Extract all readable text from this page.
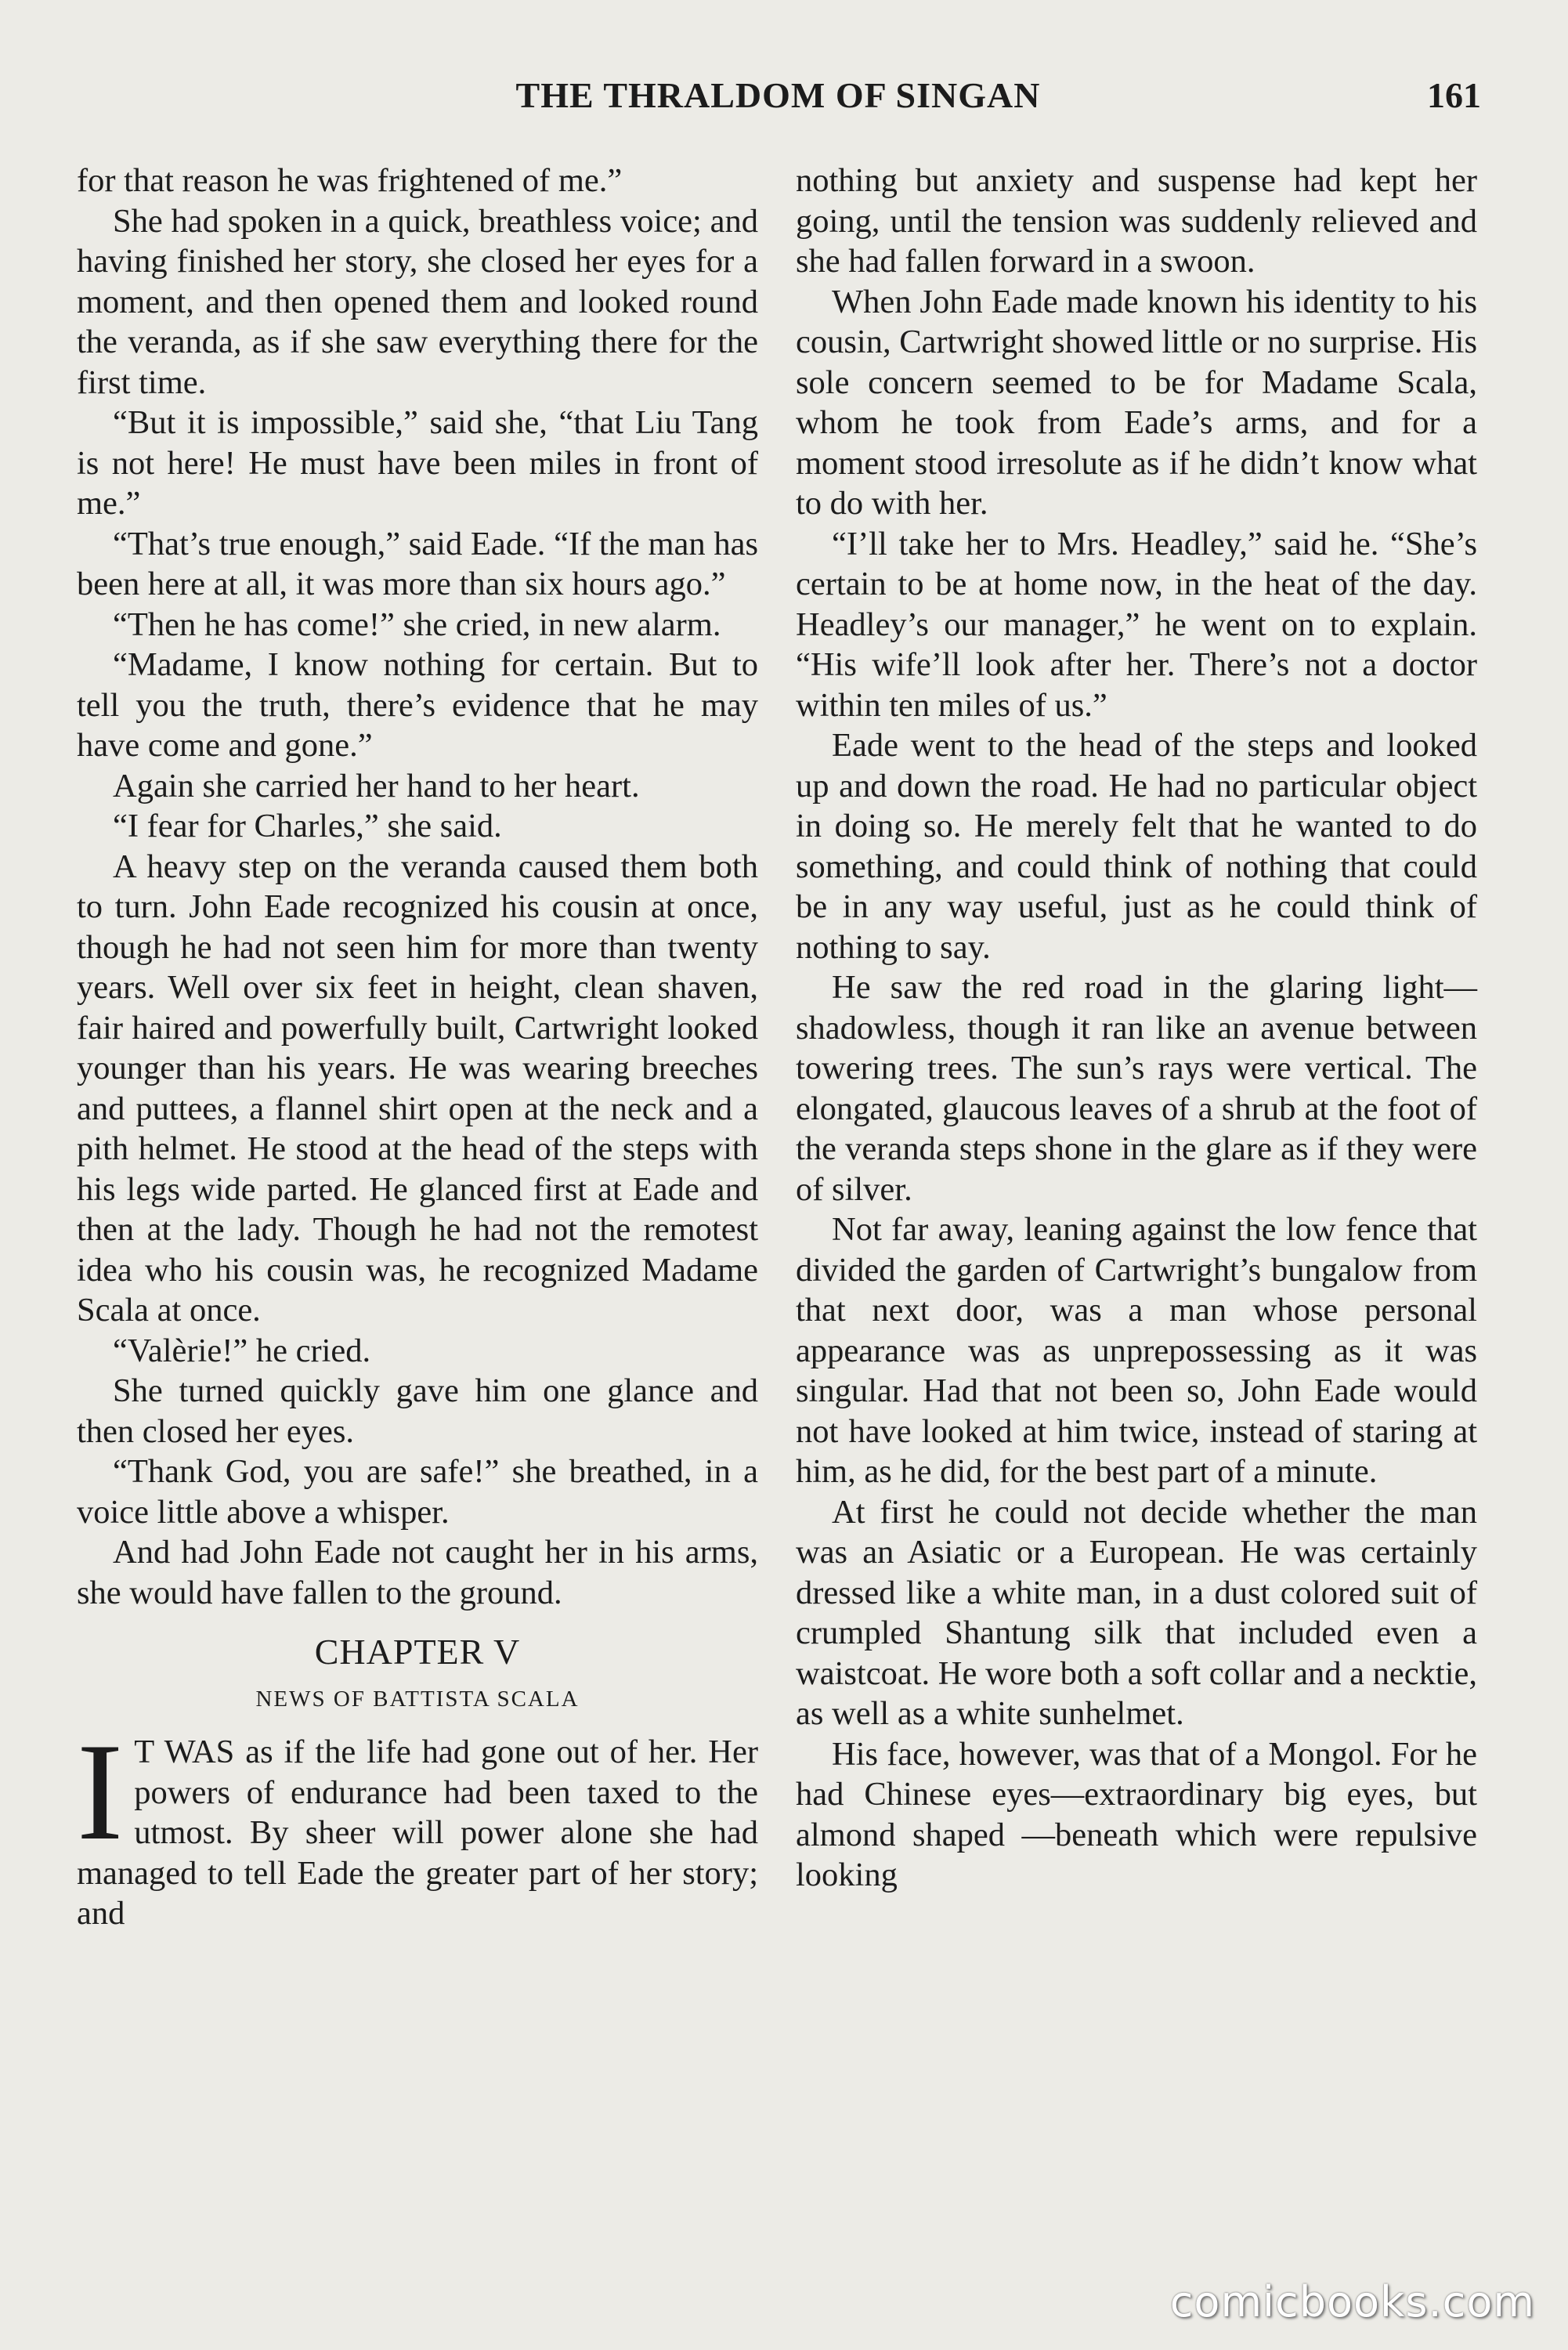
THE THRALDOM OF SINGAN	161

for that reason he was frightened of me.”

She had spoken in a quick, breathless voice; and having finished her story, she closed her eyes for a moment, and then opened them and looked round the veranda, as if she saw everything there for the first time.

“But it is impossible,” said she, “that Liu Tang is not here! He must have been miles in front of me.”

“That’s true enough,” said Eade. “If the man has been here at all, it was more than six hours ago.”

“Then he has come!” she cried, in new alarm.

“Madame, I know nothing for certain. But to tell you the truth, there’s evidence that he may have come and gone.”

Again she carried her hand to her heart.

“I fear for Charles,” she said.

A heavy step on the veranda caused them both to turn. John Eade recognized his cousin at once, though he had not seen him for more than twenty years. Well over six feet in height, clean shaven, fair haired and powerfully built, Cartwright looked younger than his years. He was wearing breeches and puttees, a flannel shirt open at the neck and a pith helmet. He stood at the head of the steps with his legs wide parted. He glanced first at Eade and then at the lady. Though he had not the remotest idea who his cousin was, he recognized Madame Scala at once.

“Valèrie!” he cried.

She turned quickly gave him one glance and then closed her eyes.

“Thank God, you are safe!” she breathed, in a voice little above a whisper.

And had John Eade not caught her in his arms, she would have fallen to the ground.

CHAPTER V
NEWS OF BATTISTA SCALA

I T WAS as if the life had gone out of her. Her powers of endurance had been taxed to the utmost. By sheer will power alone she had managed to tell Eade the greater part of her story; and

nothing but anxiety and suspense had kept her going, until the tension was suddenly relieved and she had fallen forward in a swoon.

When John Eade made known his identity to his cousin, Cartwright showed little or no surprise. His sole concern seemed to be for Madame Scala, whom he took from Eade’s arms, and for a moment stood irresolute as if he didn’t know what to do with her.

“I’ll take her to Mrs. Headley,” said he. “She’s certain to be at home now, in the heat of the day. Headley’s our manager,” he went on to explain. “His wife’ll look after her. There’s not a doctor within ten miles of us.”

Eade went to the head of the steps and looked up and down the road. He had no particular object in doing so. He merely felt that he wanted to do something, and could think of nothing that could be in any way useful, just as he could think of nothing to say.

He saw the red road in the glaring light—shadowless, though it ran like an avenue between towering trees. The sun’s rays were vertical. The elongated, glaucous leaves of a shrub at the foot of the veranda steps shone in the glare as if they were of silver.

Not far away, leaning against the low fence that divided the garden of Cartwright’s bungalow from that next door, was a man whose personal appearance was as unprepossessing as it was singular. Had that not been so, John Eade would not have looked at him twice, instead of staring at him, as he did, for the best part of a minute.

At first he could not decide whether the man was an Asiatic or a European. He was certainly dressed like a white man, in a dust colored suit of crumpled Shantung silk that included even a waistcoat. He wore both a soft collar and a necktie, as well as a white sunhelmet.

His face, however, was that of a Mongol. For he had Chinese eyes—extraordinary big eyes, but almond shaped —beneath which were repulsive looking

comicbooks.com
